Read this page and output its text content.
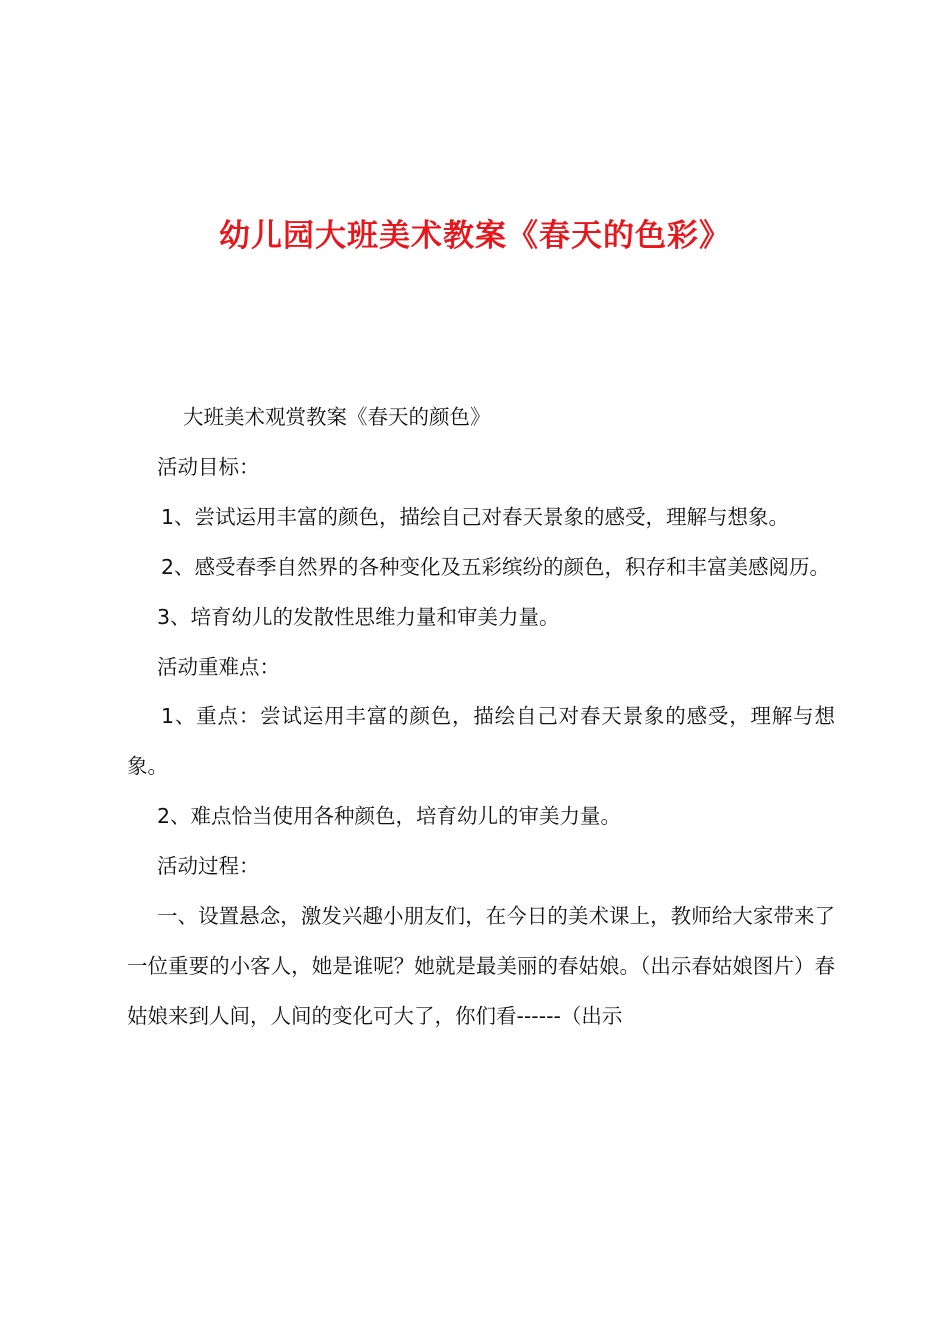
幼儿园大班美术教案《春天的色彩》

大班美术观赏教案《春天的颜色》

活动目标：

1、尝试运用丰富的颜色，描绘自己对春天景象的感受，理解与想象。

2、感受春季自然界的各种变化及五彩缤纷的颜色，积存和丰富美感阅历。

3、培育幼儿的发散性思维力量和审美力量。

活动重难点：

1、重点：尝试运用丰富的颜色，描绘自己对春天景象的感受，理解与想象。

2、难点恰当使用各种颜色，培育幼儿的审美力量。

活动过程：

一、设置悬念，激发兴趣小朋友们，在今日的美术课上，教师给大家带来了一位重要的小客人，她是谁呢？她就是最美丽的春姑娘。（出示春姑娘图片）春姑娘来到人间，人间的变化可大了，你们看------（出示
